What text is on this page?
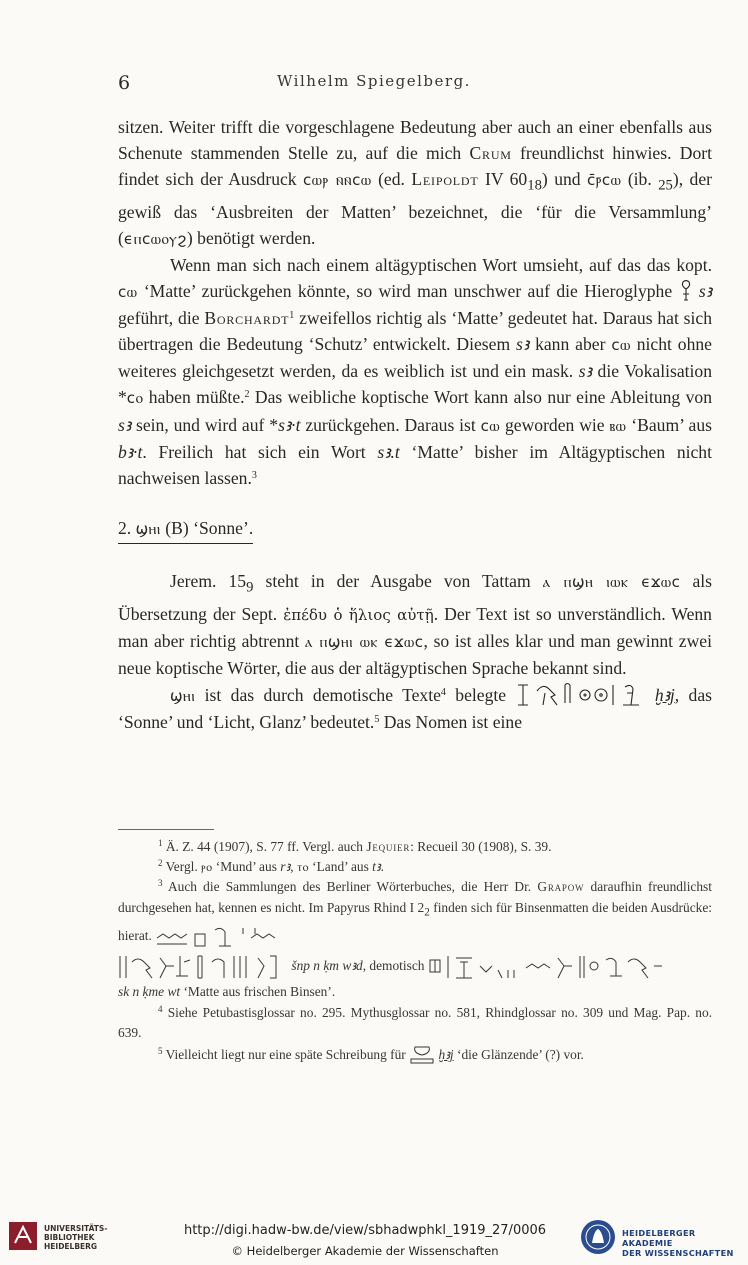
6	Wilhelm Spiegelberg.

sitzen. Weiter trifft die vorgeschlagene Bedeutung aber auch an einer ebenfalls aus Schenute stammenden Stelle zu, auf die mich Crum freundlichst hinwies. Dort findet sich der Ausdruck ϲⲱⲣ ⲛ̄ⲛ̄ϲⲱ (ed. Leipoldt IV $60_{18}$) und ϲ̄ⲣ̄ϲⲱ (ib. $_{25}$), der gewiß das ‘Ausbreiten der Matten’ bezeichnet, die ‘für die Versammlung’ (ϵⲡϲⲱⲟⲩϩ) benötigt werden.

Wenn man sich nach einem altägyptischen Wort umsieht, auf das das kopt. ϲⲱ ‘Matte’ zurückgehen könnte, so wird man unschwer auf die Hieroglyphe  sꜣ geführt, die Borchardt$^1$ zweifellos richtig als ‘Matte’ gedeutet hat. Daraus hat sich übertragen die Bedeutung ‘Schutz’ entwickelt. Diesem sꜣ kann aber ϲⲱ nicht ohne weiteres gleichgesetzt werden, da es weiblich ist und ein mask. sꜣ die Vokalisation *ϲⲟ haben müßte.$^2$ Das weibliche koptische Wort kann also nur eine Ableitung von sꜣ sein, und wird auf *sꜣ·t zurückgehen. Daraus ist ϲⲱ geworden wie ⲃⲱ ‘Baum’ aus bꜣ·t. Freilich hat sich ein Wort sꜣ.t ‘Matte’ bisher im Altägyptischen nicht nachweisen lassen.$^3$

2. ϣⲏⲓ (B) ‘Sonne’.

Jerem. $15_9$ steht in der Ausgabe von Tattam ⲁ ⲡϣⲏ ⲓⲱⲕ ϵϫⲱϲ als Übersetzung der Sept. ἐπέδυ ὁ ἥλιος αὐτῇ. Der Text ist so unverständlich. Wenn man aber richtig abtrennt ⲁ ⲡϣⲏⲓ ⲱⲕ ϵϫⲱϲ, so ist alles klar und man gewinnt zwei neue koptische Wörter, die aus der altägyptischen Sprache bekannt sind.

ϣⲏⲓ ist das durch demotische Texte$^4$ belegte	ḫꜣj, das ‘Sonne’ und ‘Licht, Glanz’ bedeutet.$^5$ Das Nomen ist eine

$^1$ Ä. Z. 44 (1907), S. 77 ff. Vergl. auch Jequier: Recueil 30 (1908), S. 39.

$^2$ Vergl. ⲣⲟ ‘Mund’ aus rꜣ, ⲧⲟ ‘Land’ aus tꜣ.

$^3$ Auch die Sammlungen des Berliner Wörterbuches, die Herr Dr. Grapow daraufhin freundlichst durchgesehen hat, kennen es nicht. Im Papyrus Rhind I $2_2$ finden sich für Binsenmatten die beiden Ausdrücke: hierat.
šnp n ḳm wꜣd, demotisch
sk n ḳme wt ‘Matte aus frischen Binsen’.

$^4$ Siehe Petubastisglossar no. 295. Mythusglossar no. 581, Rhindglossar no. 309 und Mag. Pap. no. 639.

$^5$ Vielleicht liegt nur eine späte Schreibung für  ḫꜣj ‘die Glänzende’ (?) vor.

UNIVERSITÄTS-
BIBLIOTHEK
HEIDELBERG
http://digi.hadw-bw.de/view/sbhadwphkl_1919_27/0006
© Heidelberger Akademie der Wissenschaften
HEIDELBERGER AKADEMIE
DER WISSENSCHAFTEN
